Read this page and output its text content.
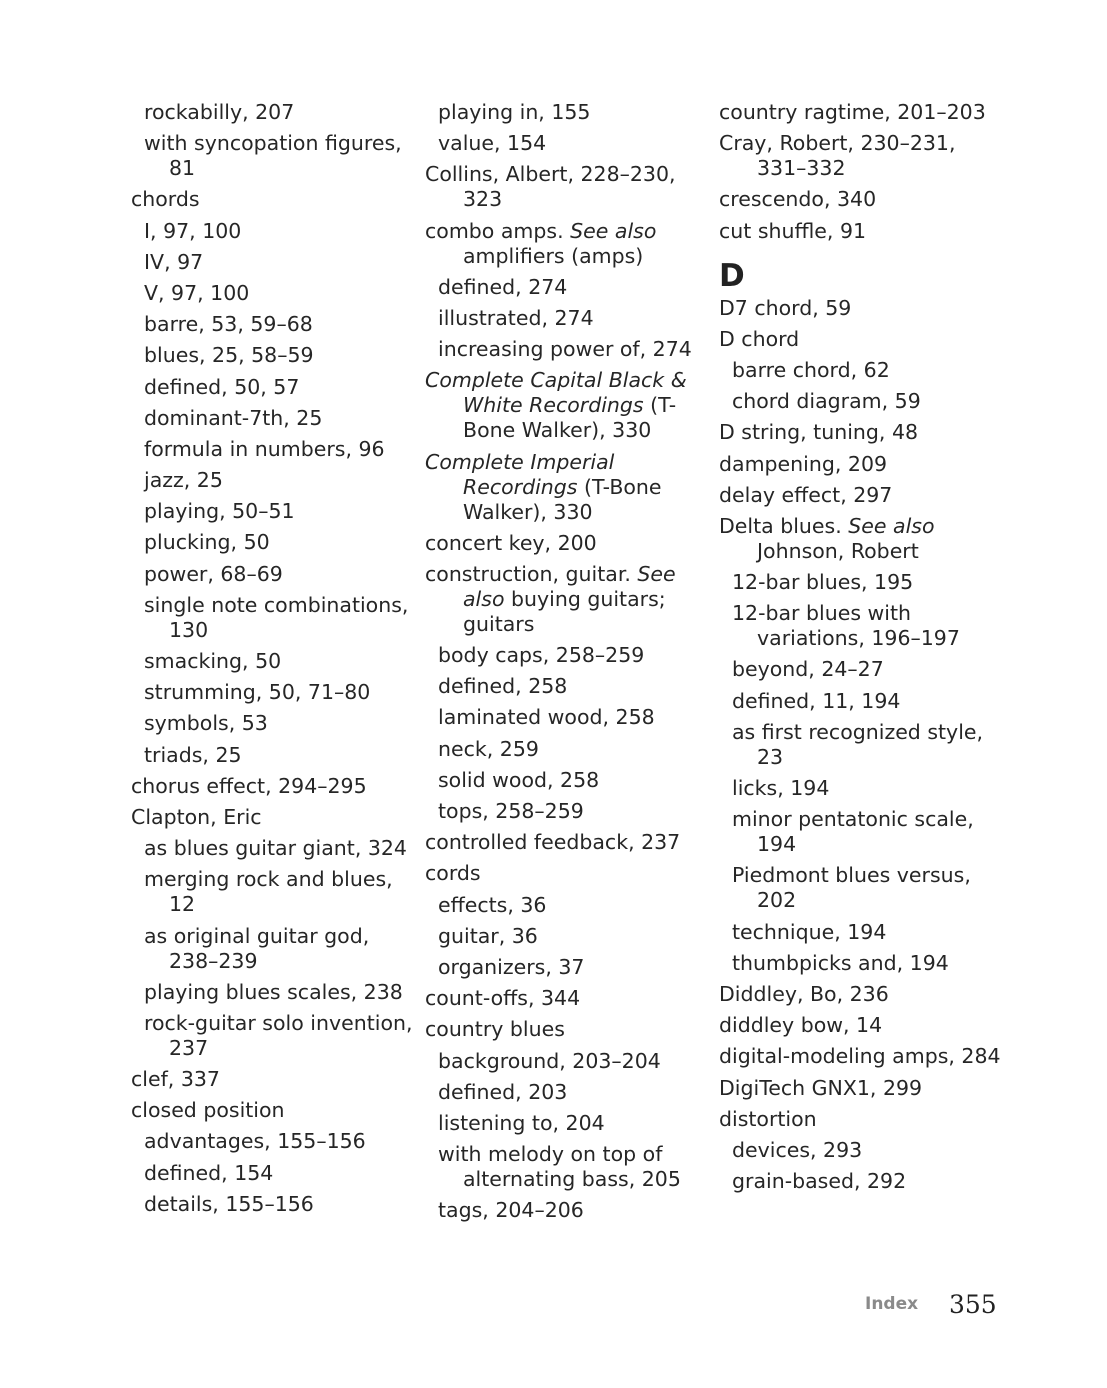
rockabilly, 207
with syncopation figures, 81
chords
I, 97, 100
IV, 97
V, 97, 100
barre, 53, 59–68
blues, 25, 58–59
defined, 50, 57
dominant-7th, 25
formula in numbers, 96
jazz, 25
playing, 50–51
plucking, 50
power, 68–69
single note combinations, 130
smacking, 50
strumming, 50, 71–80
symbols, 53
triads, 25
chorus effect, 294–295
Clapton, Eric
as blues guitar giant, 324
merging rock and blues, 12
as original guitar god, 238–239
playing blues scales, 238
rock-guitar solo invention, 237
clef, 337
closed position
advantages, 155–156
defined, 154
details, 155–156
playing in, 155
value, 154
Collins, Albert, 228–230, 323
combo amps. See also amplifiers (amps)
defined, 274
illustrated, 274
increasing power of, 274
Complete Capital Black & White Recordings (T-Bone Walker), 330
Complete Imperial Recordings (T-Bone Walker), 330
concert key, 200
construction, guitar. See also buying guitars; guitars
body caps, 258–259
defined, 258
laminated wood, 258
neck, 259
solid wood, 258
tops, 258–259
controlled feedback, 237
cords
effects, 36
guitar, 36
organizers, 37
count-offs, 344
country blues
background, 203–204
defined, 203
listening to, 204
with melody on top of alternating bass, 205
tags, 204–206
country ragtime, 201–203
Cray, Robert, 230–231, 331–332
crescendo, 340
cut shuffle, 91
D
D7 chord, 59
D chord
barre chord, 62
chord diagram, 59
D string, tuning, 48
dampening, 209
delay effect, 297
Delta blues. See also Johnson, Robert
12-bar blues, 195
12-bar blues with variations, 196–197
beyond, 24–27
defined, 11, 194
as first recognized style, 23
licks, 194
minor pentatonic scale, 194
Piedmont blues versus, 202
technique, 194
thumbpicks and, 194
Diddley, Bo, 236
diddley bow, 14
digital-modeling amps, 284
DigiTech GNX1, 299
distortion
devices, 293
grain-based, 292
Index 355
